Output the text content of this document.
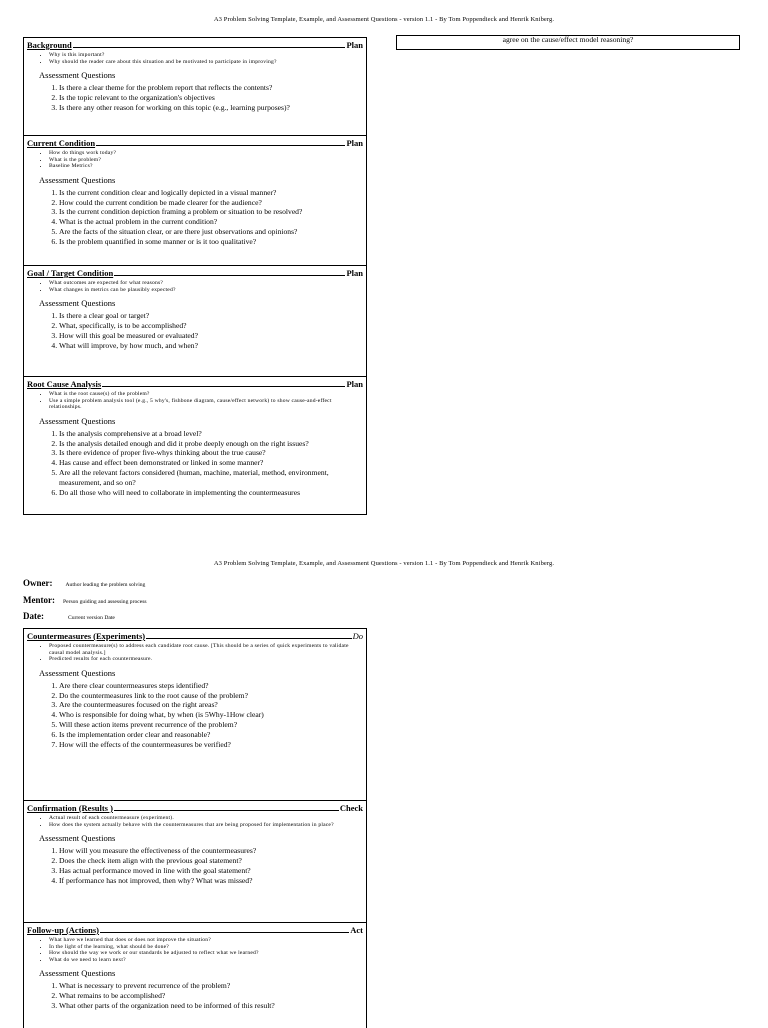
A3 Problem Solving Template, Example, and Assessment Questions - version 1.1 - By Tom Poppendieck and Henrik Kniberg.
agree on the cause/effect model reasoning?
Background	Plan
• Why is this important?
• Why should the reader care about this situation and be motivated to participate in improving?
Assessment Questions
1. Is there a clear theme for the problem report that reflects the contents?
2. Is the topic relevant to the organization's objectives
3. Is there any other reason for working on this topic (e.g., learning purposes)?
Current Condition	Plan
• How do things work today?
• What is the problem?
• Baseline Metrics?
Assessment Questions
1. Is the current condition clear and logically depicted in a visual manner?
2. How could the current condition be made clearer for the audience?
3. Is the current condition depiction framing a problem or situation to be resolved?
4. What is the actual problem in the current condition?
5. Are the facts of the situation clear, or are there just observations and opinions?
6. Is the problem quantified in some manner or is it too qualitative?
Goal / Target Condition	Plan
• What outcomes are expected for what reasons?
• What changes in metrics can be plausibly expected?
Assessment Questions
1. Is there a clear goal or target?
2. What, specifically, is to be accomplished?
3. How will this goal be measured or evaluated?
4. What will improve, by how much, and when?
Root Cause Analysis	Plan
• What is the root cause(s) of the problem?
• Use a simple problem analysis tool (e.g., 5 why's, fishbone diagram, cause/effect network) to show cause-and-effect relationships.
Assessment Questions
1. Is the analysis comprehensive at a broad level?
2. Is the analysis detailed enough and did it probe deeply enough on the right issues?
3. Is there evidence of proper five-whys thinking about the true cause?
4. Has cause and effect been demonstrated or linked in some manner?
5. Are all the relevant factors considered (human, machine, material, method, environment, measurement, and so on?
6. Do all those who will need to collaborate in implementing the countermeasures
A3 Problem Solving Template, Example, and Assessment Questions - version 1.1 - By Tom Poppendieck and Henrik Kniberg.
Owner: Author leading the problem solving
Mentor: Person guiding and assessing process
Date:	Current version Date
Countermeasures (Experiments)	Do
• Proposed countermeasure(s) to address each candidate root cause. [This should be a series of quick experiments to validate causal model analysis.]
• Predicted results for each countermeasure.
Assessment Questions
1. Are there clear countermeasures steps identified?
2. Do the countermeasures link to the root cause of the problem?
3. Are the countermeasures focused on the right areas?
4. Who is responsible for doing what, by when (is 5Why-1How clear)
5. Will these action items prevent recurrence of the problem?
6. Is the implementation order clear and reasonable?
7. How will the effects of the countermeasures be verified?
Confirmation (Results )	Check
• Actual result of each countermeasure (experiment).
• How does the system actually behave with the countermeasures that are being proposed for implementation in place?
Assessment Questions
1. How will you measure the effectiveness of the countermeasures?
2. Does the check item align with the previous goal statement?
3. Has actual performance moved in line with the goal statement?
4. If performance has not improved, then why? What was missed?
Follow-up (Actions)	Act
• What have we learned that does or does not improve the situation?
• In the light of the learning, what should be done?
• How should the way we work or our standards be adjusted to reflect what we learned?
• What do we need to learn next?
Assessment Questions
1. What is necessary to prevent recurrence of the problem?
2. What remains to be accomplished?
3. What other parts of the organization need to be informed of this result?
